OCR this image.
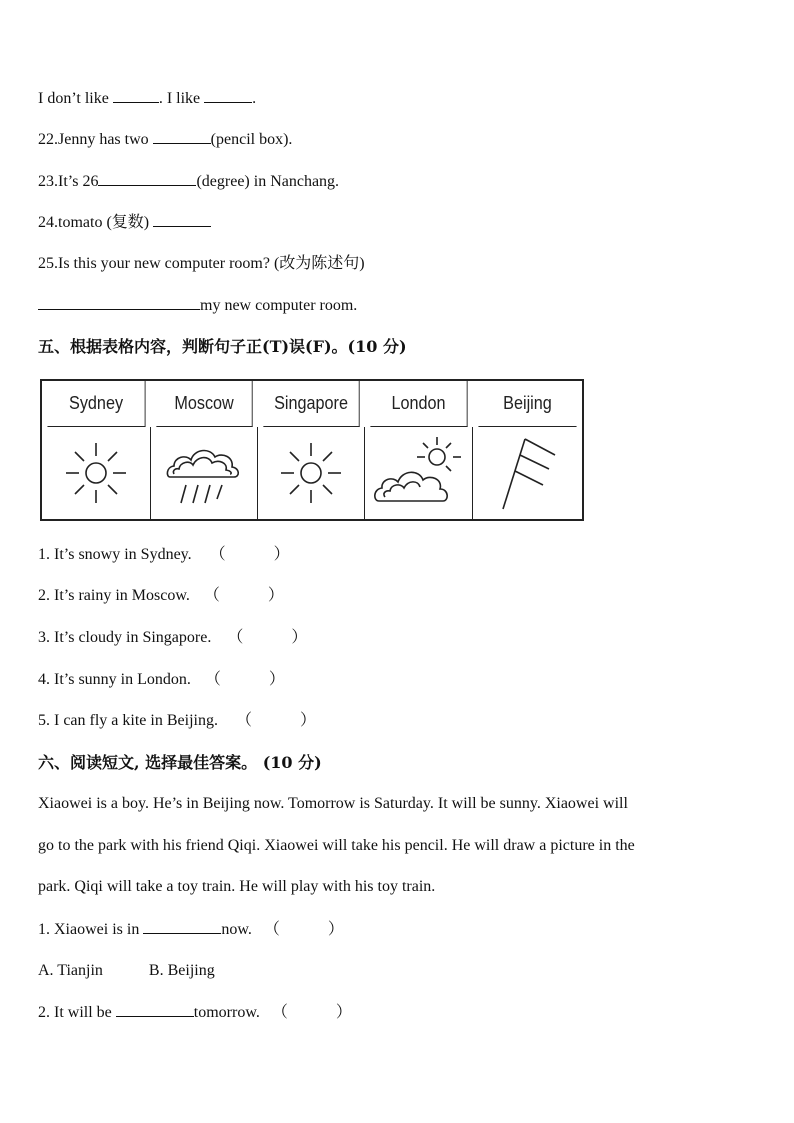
I don’t like	. I like	.
22.Jenny has two	(pencil box).
23.It’s 26	(degree) in Nanchang.
24.tomato (复数)
25.Is this your new computer room? (改为陈述句)
my new computer room.
五、根据表格内容，判断句子正(T)误(F)。(10 分)
Sydney	Moscow	Singapore	London	Beijing
1. It’s snowy in Sydney. （	）
2. It’s rainy in Moscow. （	）
3. It’s cloudy in Singapore. （	）
4. It’s sunny in London. （	）
5. I can fly a kite in Beijing. （	）
六、阅读短文, 选择最佳答案。 (10 分)
Xiaowei is a boy. He’s in Beijing now. Tomorrow is Saturday. It will be sunny. Xiaowei will
go to the park with his friend Qiqi. Xiaowei will take his pencil. He will draw a picture in the
park. Qiqi will take a toy train. He will play with his toy train.
1. Xiaowei is in	now. （	）
A. Tianjin	B. Beijing
2. It will be	tomorrow. （	）
